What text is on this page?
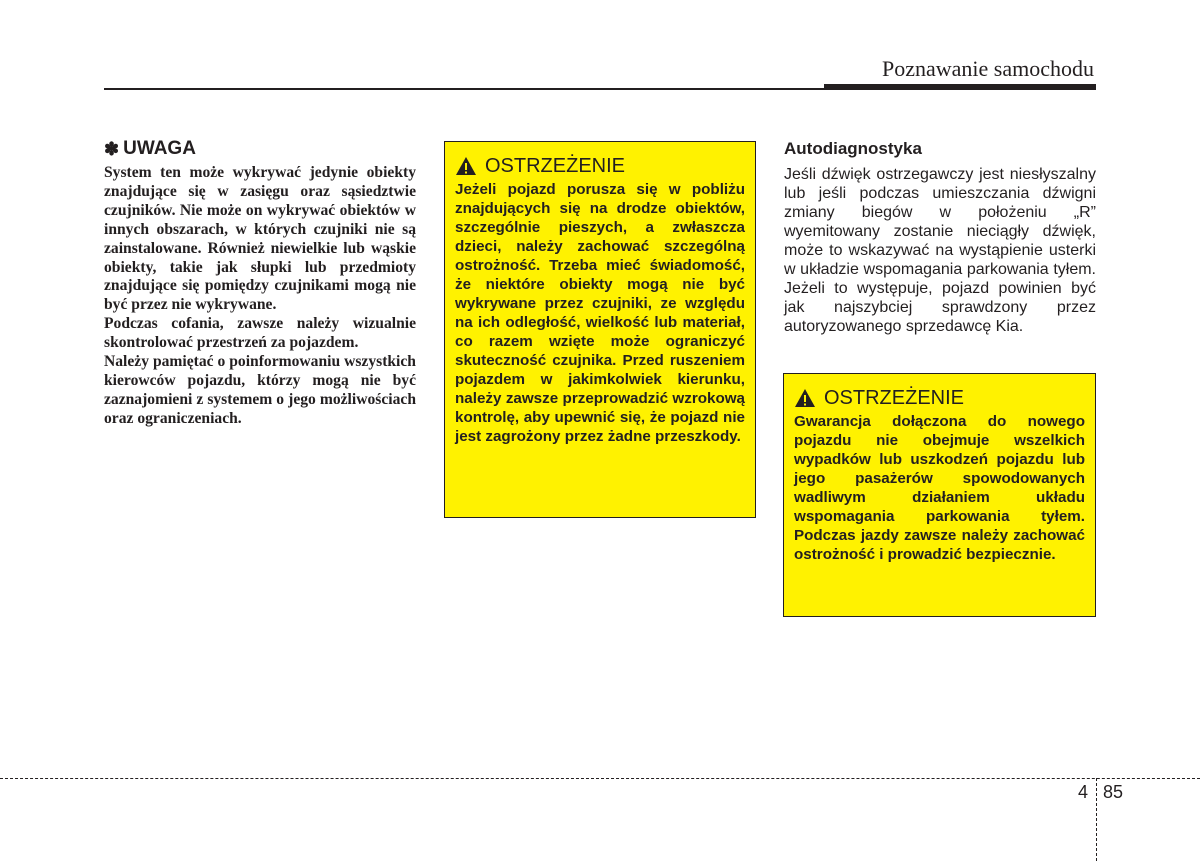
Poznawanie samochodu
✽ UWAGA

System ten może wykrywać jedynie obiekty znajdujące się w zasięgu oraz sąsiedztwie czujników. Nie może on wykrywać obiektów w innych obszarach, w których czujniki nie są zainstalowane. Również niewielkie lub wąskie obiekty, takie jak słupki lub przedmioty znajdujące się pomiędzy czujnikami mogą nie być przez nie wykrywane.

Podczas cofania, zawsze należy wizualnie skontrolować przestrzeń za pojazdem.

Należy pamiętać o poinformowaniu wszystkich kierowców pojazdu, którzy mogą nie być zaznajomieni z systemem o jego możliwościach oraz ograniczeniach.

OSTRZEŻENIE

Jeżeli pojazd porusza się w pobliżu znajdujących się na drodze obiektów, szczególnie pieszych, a zwłaszcza dzieci, należy zachować szczególną ostrożność. Trzeba mieć świadomość, że niektóre obiekty mogą nie być wykrywane przez czujniki, ze względu na ich odległość, wielkość lub materiał, co razem wzięte może ograniczyć skuteczność czujnika. Przed ruszeniem pojazdem w jakimkolwiek kierunku, należy zawsze przeprowadzić wzrokową kontrolę, aby upewnić się, że pojazd nie jest zagrożony przez żadne przeszkody.

Autodiagnostyka

Jeśli dźwięk ostrzegawczy jest niesłyszalny lub jeśli podczas umieszczania dźwigni zmiany biegów w położeniu „R” wyemitowany zostanie nieciągły dźwięk, może to wskazywać na wystąpienie usterki w układzie wspomagania parkowania tyłem. Jeżeli to występuje, pojazd powinien być jak najszybciej sprawdzony przez autoryzowanego sprzedawcę Kia.

OSTRZEŻENIE

Gwarancja dołączona do nowego pojazdu nie obejmuje wszelkich wypadków lub uszkodzeń pojazdu lub jego pasażerów spowodowanych wadliwym działaniem układu wspomagania parkowania tyłem. Podczas jazdy zawsze należy zachować ostrożność i prowadzić bezpiecznie.

4 85
